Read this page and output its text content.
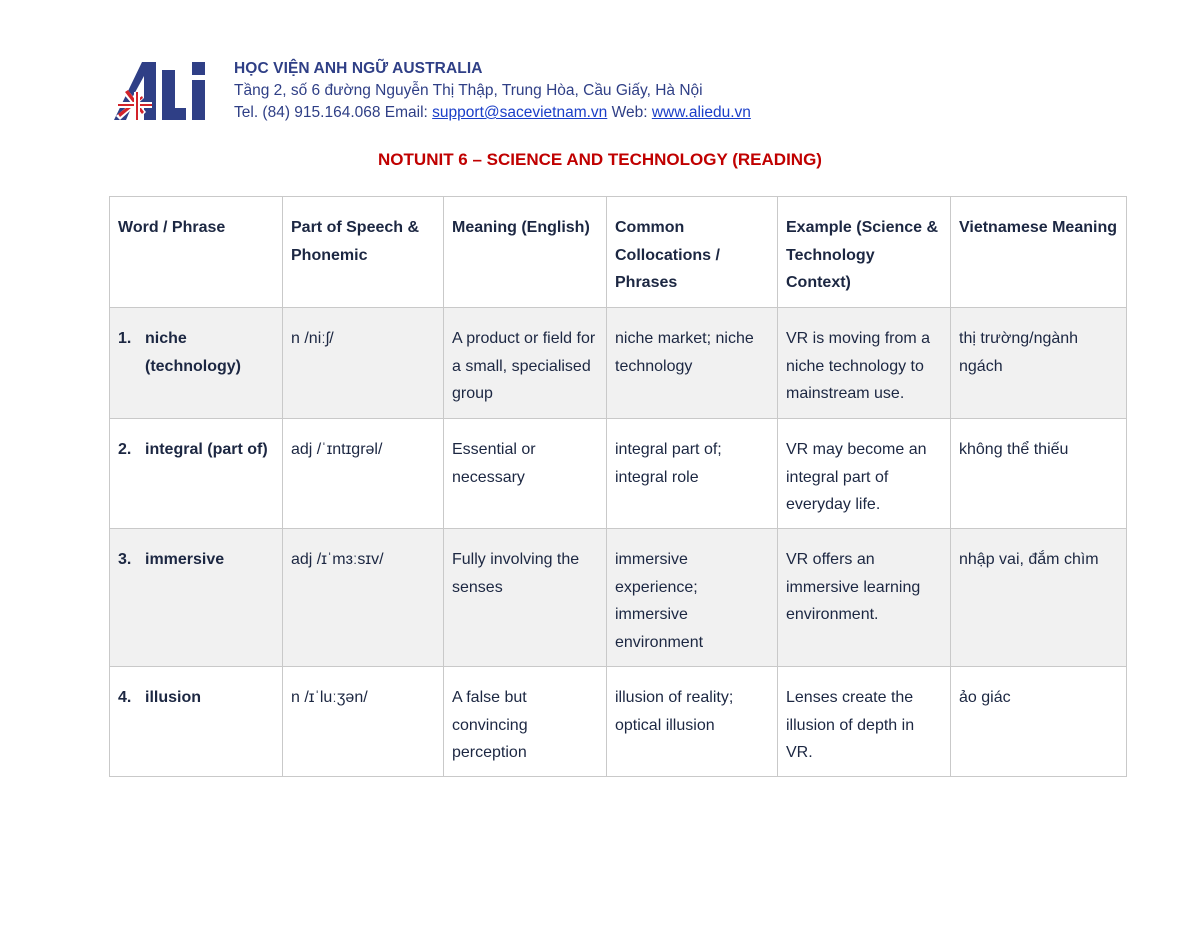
HỌC VIỆN ANH NGỮ AUSTRALIA
Tầng 2, số 6 đường Nguyễn Thị Thập, Trung Hòa, Cầu Giấy, Hà Nội
Tel. (84) 915.164.068 Email: support@sacevietnam.vn Web: www.aliedu.vn
NOTUNIT 6 – SCIENCE AND TECHNOLOGY (READING)
Word / Phrase	Part of Speech & Phonemic	Meaning (English)	Common Collocations / Phrases	Example (Science & Technology Context)	Vietnamese Meaning

1. niche (technology)	n /niːʃ/	A product or field for a small, specialised group	niche market; niche technology	VR is moving from a niche technology to mainstream use.	thị trường/ngành ngách

2. integral (part of)	adj /ˈɪntɪɡrəl/	Essential or necessary	integral part of; integral role	VR may become an integral part of everyday life.	không thể thiếu

3. immersive	adj /ɪˈmɜːsɪv/	Fully involving the senses	immersive experience; immersive environment	VR offers an immersive learning environment.	nhập vai, đắm chìm

4. illusion	n /ɪˈluːʒən/	A false but convincing perception	illusion of reality; optical illusion	Lenses create the illusion of depth in VR.	ảo giác
